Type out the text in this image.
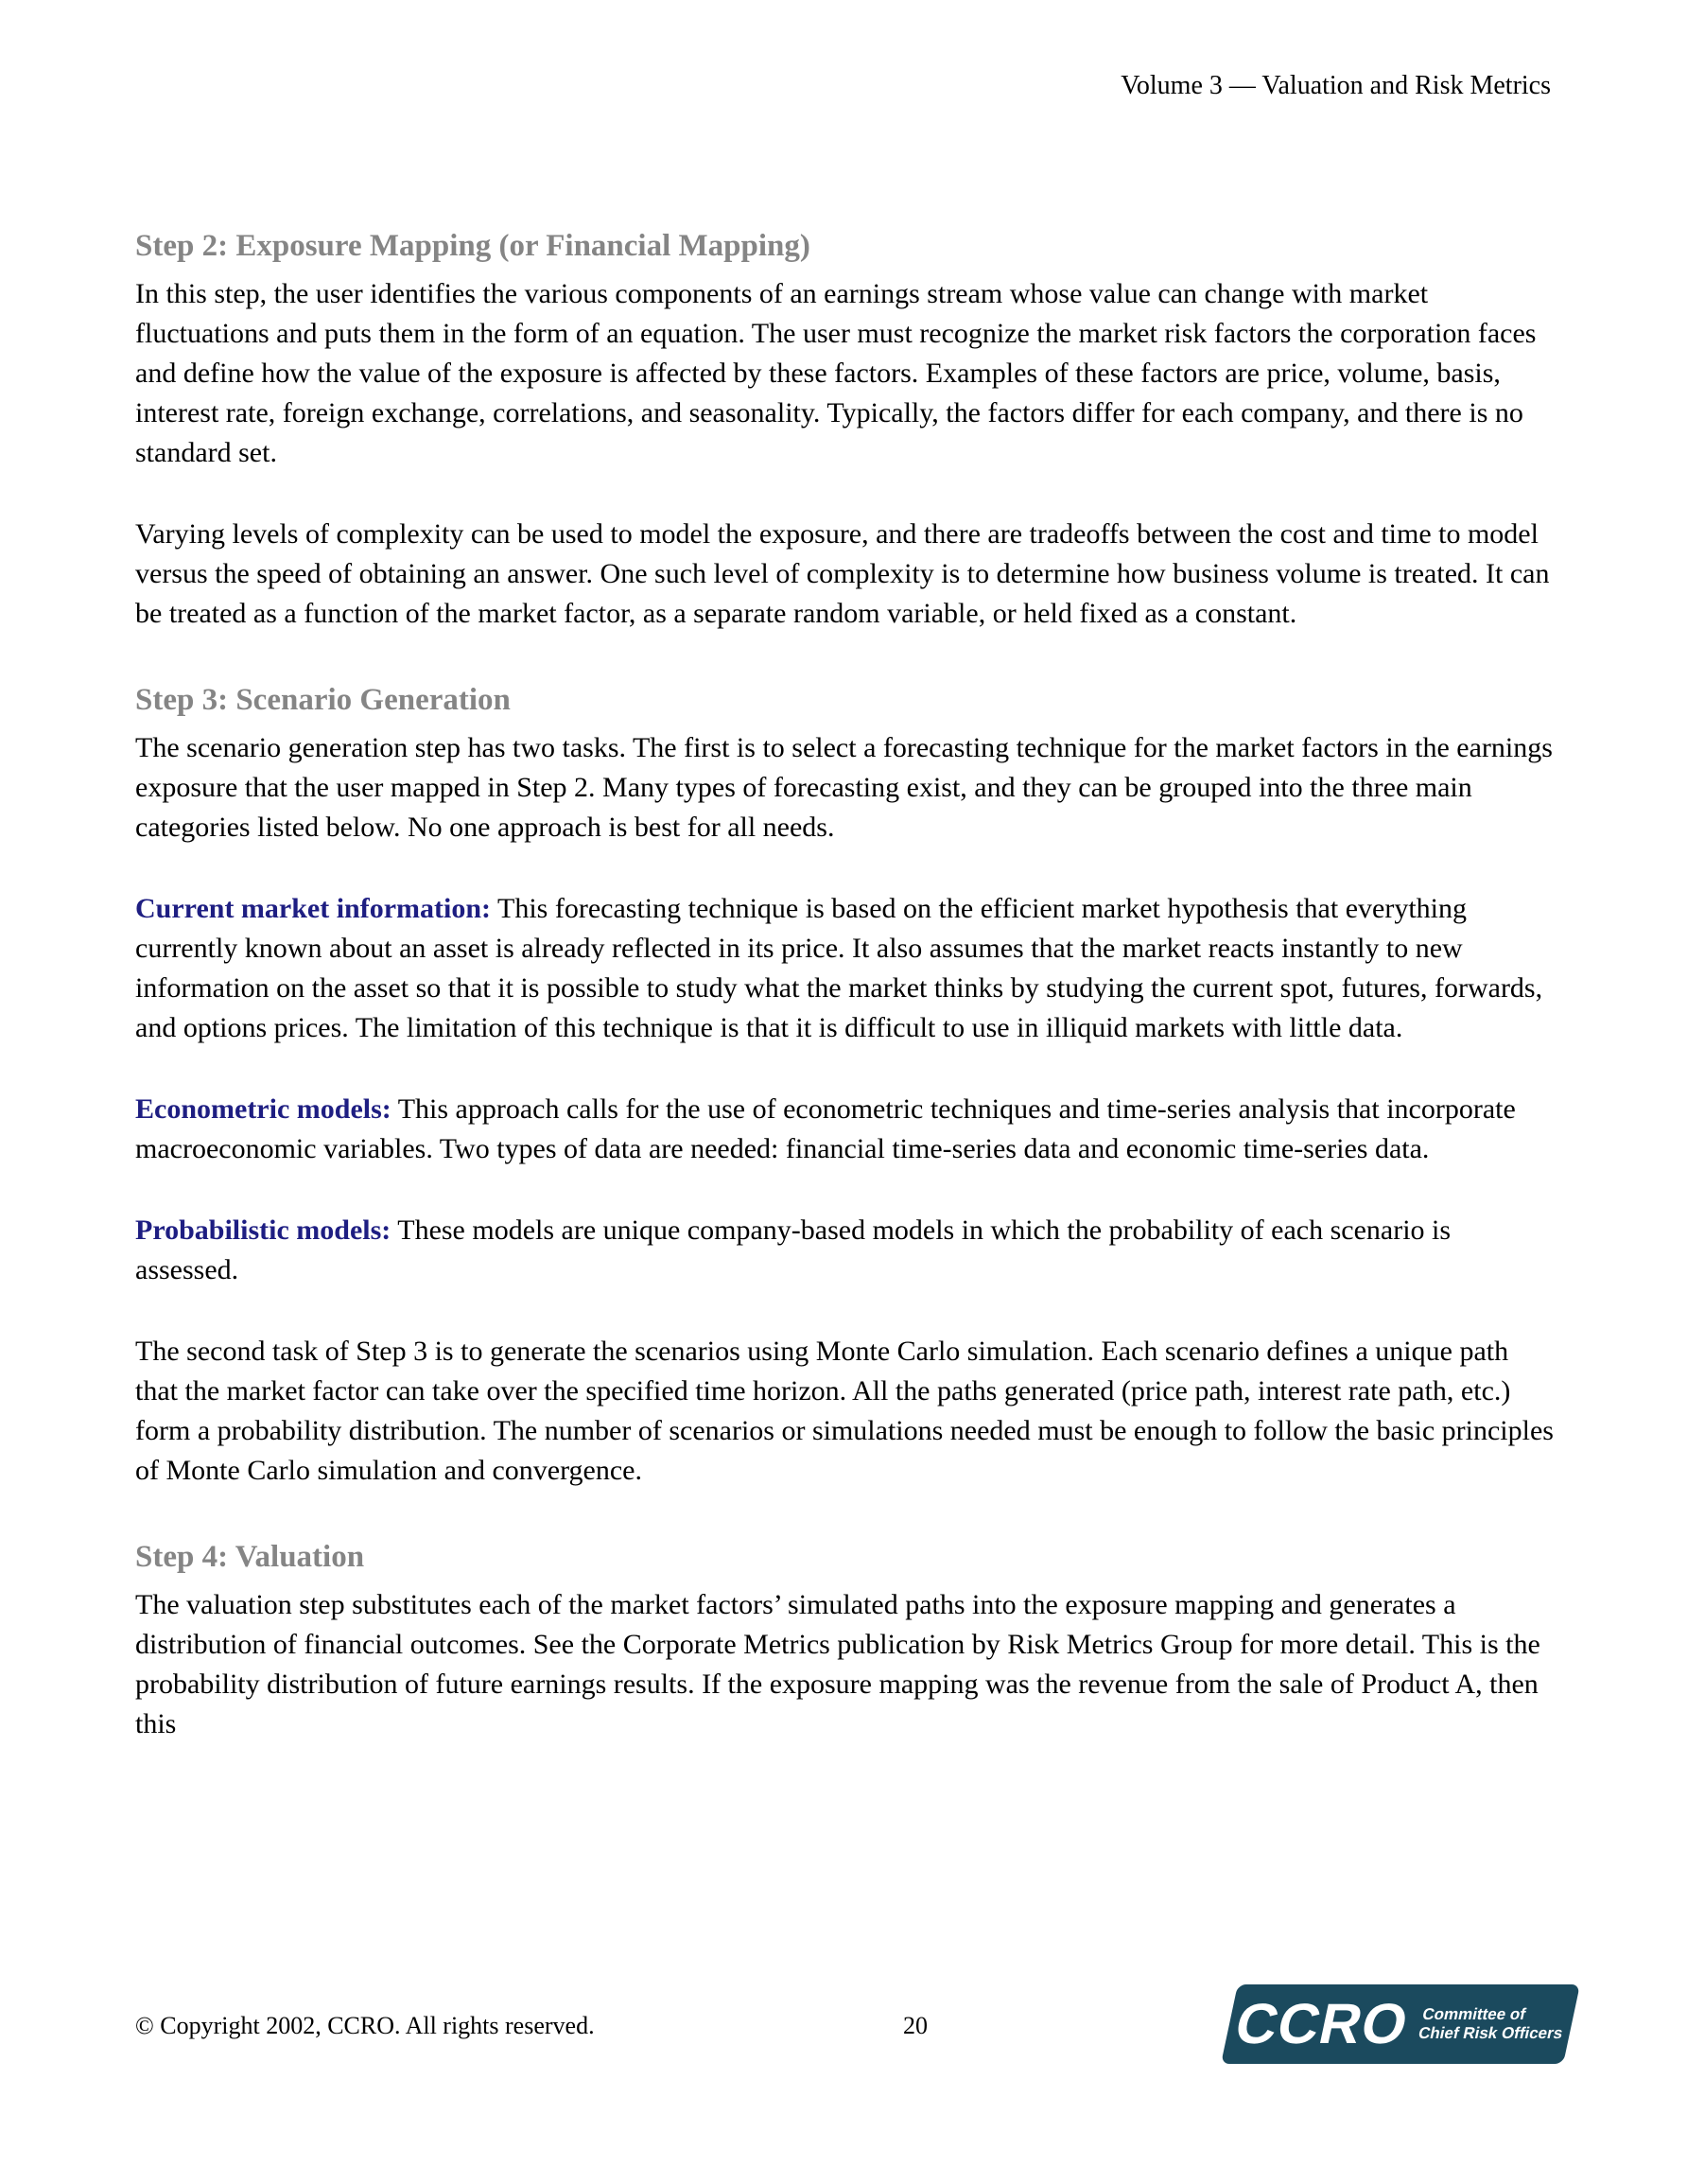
Volume 3 — Valuation and Risk Metrics
Step 2: Exposure Mapping (or Financial Mapping)

In this step, the user identifies the various components of an earnings stream whose value can change with market fluctuations and puts them in the form of an equation. The user must recognize the market risk factors the corporation faces and define how the value of the exposure is affected by these factors. Examples of these factors are price, volume, basis, interest rate, foreign exchange, correlations, and seasonality. Typically, the factors differ for each company, and there is no standard set.

Varying levels of complexity can be used to model the exposure, and there are tradeoffs between the cost and time to model versus the speed of obtaining an answer. One such level of complexity is to determine how business volume is treated. It can be treated as a function of the market factor, as a separate random variable, or held fixed as a constant.

Step 3: Scenario Generation

The scenario generation step has two tasks. The first is to select a forecasting technique for the market factors in the earnings exposure that the user mapped in Step 2. Many types of forecasting exist, and they can be grouped into the three main categories listed below. No one approach is best for all needs.

Current market information: This forecasting technique is based on the efficient market hypothesis that everything currently known about an asset is already reflected in its price. It also assumes that the market reacts instantly to new information on the asset so that it is possible to study what the market thinks by studying the current spot, futures, forwards, and options prices. The limitation of this technique is that it is difficult to use in illiquid markets with little data.

Econometric models: This approach calls for the use of econometric techniques and time-series analysis that incorporate macroeconomic variables. Two types of data are needed: financial time-series data and economic time-series data.

Probabilistic models: These models are unique company-based models in which the probability of each scenario is assessed.

The second task of Step 3 is to generate the scenarios using Monte Carlo simulation. Each scenario defines a unique path that the market factor can take over the specified time horizon. All the paths generated (price path, interest rate path, etc.) form a probability distribution. The number of scenarios or simulations needed must be enough to follow the basic principles of Monte Carlo simulation and convergence.

Step 4: Valuation

The valuation step substitutes each of the market factors’ simulated paths into the exposure mapping and generates a distribution of financial outcomes. See the Corporate Metrics publication by Risk Metrics Group for more detail. This is the probability distribution of future earnings results. If the exposure mapping was the revenue from the sale of Product A, then this

© Copyright 2002, CCRO. All rights reserved.	20	CCRO Committee of
Chief Risk Officers
